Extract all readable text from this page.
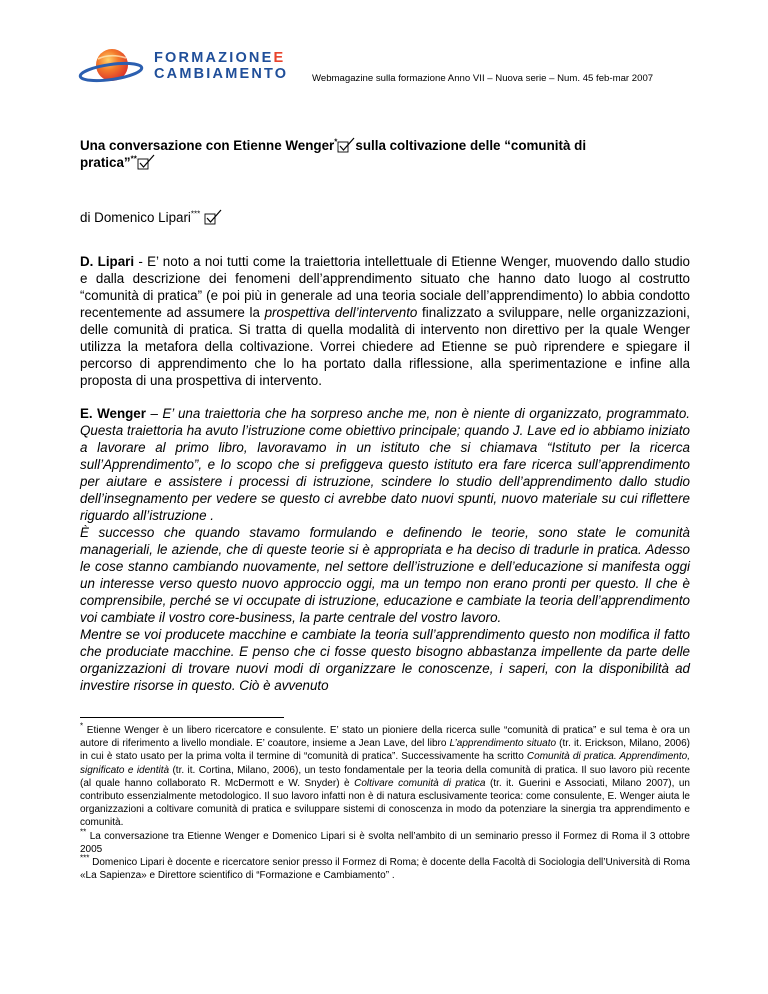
FORMAZIONEE
CAMBIAMENTO Webmagazine sulla formazione Anno VII – Nuova serie – Num. 45 feb-mar 2007
Una conversazione con Etienne Wenger* sulla coltivazione delle “comunità di
pratica”**
di Domenico Lipari***

D. Lipari - E’ noto a noi tutti come la traiettoria intellettuale di Etienne Wenger, muovendo dallo studio e dalla descrizione dei fenomeni dell’apprendimento situato che hanno dato luogo al costrutto “comunità di pratica” (e poi più in generale ad una teoria sociale dell’apprendimento) lo abbia condotto recentemente ad assumere la prospettiva dell’intervento finalizzato a sviluppare, nelle organizzazioni, delle comunità di pratica. Si tratta di quella modalità di intervento non direttivo per la quale Wenger utilizza la metafora della coltivazione. Vorrei chiedere ad Etienne se può riprendere e spiegare il percorso di apprendimento che lo ha portato dalla riflessione, alla sperimentazione e infine alla proposta di una prospettiva di intervento.

E. Wenger – E’ una traiettoria che ha sorpreso anche me, non è niente di organizzato, programmato. Questa traiettoria ha avuto l’istruzione come obiettivo principale; quando J. Lave ed io abbiamo iniziato a lavorare al primo libro, lavoravamo in un istituto che si chiamava “Istituto per la ricerca sull’Apprendimento”, e lo scopo che si prefiggeva questo istituto era fare ricerca sull’apprendimento per aiutare e assistere i processi di istruzione, scindere lo studio dell’apprendimento dallo studio dell’insegnamento per vedere se questo ci avrebbe dato nuovi spunti, nuovo materiale su cui riflettere riguardo all’istruzione .

È successo che quando stavamo formulando e definendo le teorie, sono state le comunità manageriali, le aziende, che di queste teorie si è appropriata e ha deciso di tradurle in pratica. Adesso le cose stanno cambiando nuovamente, nel settore dell’istruzione e dell’educazione si manifesta oggi un interesse verso questo nuovo approccio oggi, ma un tempo non erano pronti per questo. Il che è comprensibile, perché se vi occupate di istruzione, educazione e cambiate la teoria dell’apprendimento voi cambiate il vostro core-business, la parte centrale del vostro lavoro.

Mentre se voi producete macchine e cambiate la teoria sull’apprendimento questo non modifica il fatto che produciate macchine. E penso che ci fosse questo bisogno abbastanza impellente da parte delle organizzazioni di trovare nuovi modi di organizzare le conoscenze, i saperi, con la disponibilità ad investire risorse in questo. Ciò è avvenuto

* Etienne Wenger è un libero ricercatore e consulente. E’ stato un pioniere della ricerca sulle “comunità di pratica” e sul tema è ora un autore di riferimento a livello mondiale. E’ coautore, insieme a Jean Lave, del libro L’apprendimento situato (tr. it. Erickson, Milano, 2006) in cui è stato usato per la prima volta il termine di “comunità di pratica”. Successivamente ha scritto Comunità di pratica. Apprendimento, significato e identità (tr. it. Cortina, Milano, 2006), un testo fondamentale per la teoria della comunità di pratica. Il suo lavoro più recente (al quale hanno collaborato R. McDermott e W. Snyder) è Coltivare comunità di pratica (tr. it. Guerini e Associati, Milano 2007), un contributo essenzialmente metodologico. Il suo lavoro infatti non è di natura esclusivamente teorica: come consulente, E. Wenger aiuta le organizzazioni a coltivare comunità di pratica e sviluppare sistemi di conoscenza in modo da potenziare la sinergia tra apprendimento e comunità.

** La conversazione tra Etienne Wenger e Domenico Lipari si è svolta nell’ambito di un seminario presso il Formez di Roma il 3 ottobre 2005

*** Domenico Lipari è docente e ricercatore senior presso il Formez di Roma; è docente della Facoltà di Sociologia dell’Università di Roma «La Sapienza» e Direttore scientifico di “Formazione e Cambiamento” .
